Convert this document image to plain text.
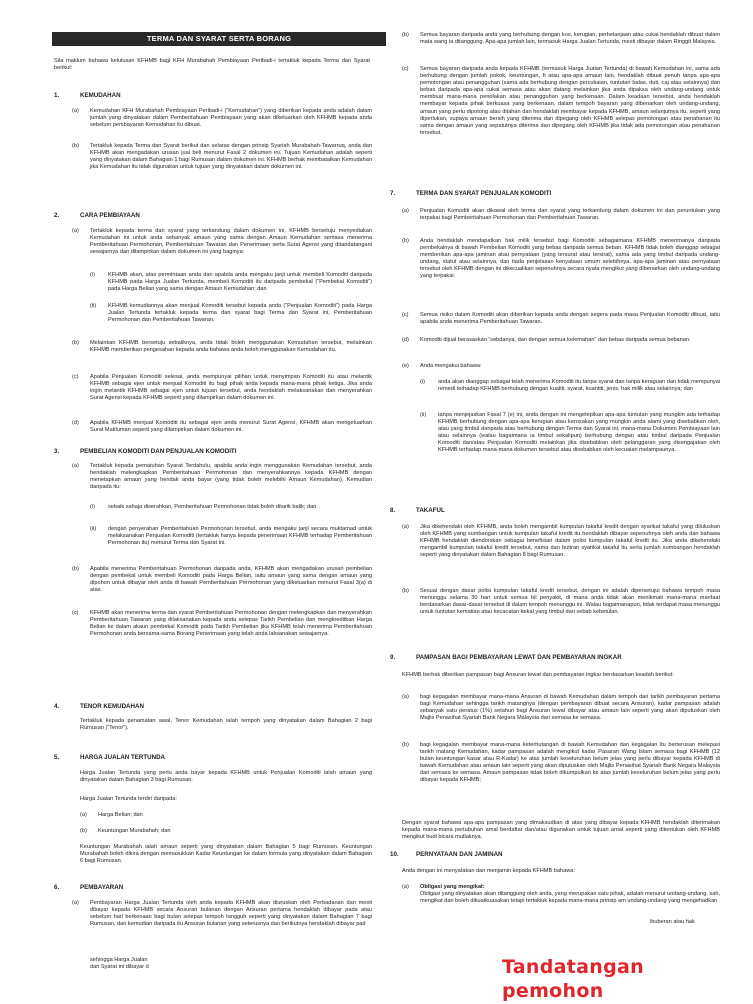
TERMA DAN SYARAT SERTA BORANG

Sila maklum bahawa kelulusan KFHMB bagi KFH Murabahah Pembiayaan Peribadi-i tertakluk kepada Terma dan Syarat berikut:

1.	KEMUDAHAN
(a) Kemudahan KFH Murabahah Pembiayaan Peribadi-i (“Kemudahan”) yang diberikan kepada anda adalah dalam jumlah yang dinyatakan dalam Pemberitahuan Pembiayaan yang akan dikeluarkan oleh KFHMB kepada anda sebelum pembayaran Kemudahan itu dibuat.
(b) Tertakluk kepada Terma dan Syarat berikut dan selaras dengan prinsip Syariah Murabahah-Tawarruq, anda dan KFHMB akan mengadakan urusan jual beli menurut Fasal 2 dokumen ini. Tujuan Kemudahan adalah seperti yang dinyatakan dalam Bahagian 1 bagi Rumusan dalam dokumen ini. KFHMB berhak membatalkan Kemudahan jika Kemudahan itu tidak digunakan untuk tujuan yang dinyatakan dalam dokumen ini.
2.	CARA PEMBIAYAAN
(a) Tertakluk kepada terma dan syarat yang terkandung dalam dokumen ini, KFHMB bersetuju menyediakan Kemudahan ini untuk anda sebanyak amaun yang sama dengan Amaun Kemudahan semasa menerima Pemberitahuan Permohonan, Pemberitahuan Tawaran dan Penerimaan serta Surat Agensi yang ditandatangani sewajarnya dan dilampirkan dalam dokumen ini yang baginya:
(i) KFHMB akan, atas permintaan anda dan apabila anda mengaku janji untuk membeli Komoditi daripada KFHMB pada Harga Jualan Tertunda, membeli Komoditi itu daripada pembekal (“Pembekal Komoditi”) pada Harga Belian yang sama dengan Amaun Kemudahan; dan
(ii) KFHMB kemudiannya akan menjual Komoditi tersebut kepada anda (“Penjualan Komoditi”) pada Harga Jualan Tertunda tertakluk kepada terma dan syarat bagi Terma dan Syarat ini, Pemberitahuan Permohonan dan Pemberitahuan Tawaran.
(b) Melainkan KFHMB bersetuju sebaliknya, anda tidak boleh menggunakan Kemudahan tersebut, melainkan KFHMB memberikan pengesahan kepada anda bahawa anda boleh menggunakan Kemudahan itu.
(c) Apabila Penjualan Komoditi selesai, anda mempunyai pilihan untuk menyimpan Komoditi itu atau melantik KFHMB sebagai ejen untuk menjual Komoditi itu bagi pihak anda kepada mana-mana pihak ketiga. Jika anda ingin melantik KFHMB sebagai ejen untuk tujuan tersebut, anda hendaklah melaksanakan dan menyerahkan Surat Agensi kepada KFHMB seperti yang dilampirkan dalam dokumen ini.
(d) Apabila KFHMB menjual Komoditi itu sebagai ejen anda menurut Surat Agensi, KFHMB akan mengeluarkan Surat Makluman seperti yang dilampirkan dalam dokumen ini.
3.	PEMBELIAN KOMODITI DAN PENJUALAN KOMODITI
(a) Tertakluk kepada pematuhan Syarat Terdahulu, apabila anda ingin menggunakan Kemudahan tersebut, anda hendaklah melengkapkan Pemberitahuan Permohonan dan menyerahkannya kepada KFHMB dengan menetapkan amaun yang hendak anda bayar (yang tidak boleh melebihi Amaun Kemudahan). Kemudian daripada itu:
(i) sebaik sahaja diserahkan, Pemberitahuan Permohonan tidak boleh ditarik balik; dan
(ii) dengan penyerahan Pemberitahuan Permohonan tersebut, anda mengaku janji secara muktamad untuk melaksanakan Penjualan Komoditi (tertakluk hanya kepada penerimaan KFHMB terhadap Pemberitahuan Permohonan itu) menurut Terma dan Syarat ini.
(b) Apabila menerima Pemberitahuan Permohonan daripada anda, KFHMB akan mengadakan urusan pembelian dengan pembekal untuk membeli Komoditi pada Harga Belian, iaitu amaun yang sama dengan amaun yang dipohon untuk dibayar oleh anda di bawah Pemberitahuan Permohonan yang dikeluarkan menurut Fasal 3(a) di atas.
(c) KFHMB akan menerima terma dan syarat Pemberitahuan Permohonan dengan melengkapkan dan menyerahkan Pemberitahuan Tawaran yang dilaksanakan kepada anda selepas Tarikh Pembelian dan mengkreditkan Harga Belian ke dalam akaun pembekal Komoditi pada Tarikh Pembelian jika KFHMB telah menerima Pemberitahuan Permohonan anda bersama-sama Borang Penerimaan yang telah anda laksanakan sewajarnya.
4.	TENOR KEMUDAHAN

Tertakluk kepada penamatan awal, Tenor Kemudahan ialah tempoh yang dinyatakan dalam Bahagian 2 bagi Rumusan (“Tenor”).

5.	HARGA JUALAN TERTUNDA

Harga Jualan Tertunda yang perlu anda bayar kepada KFHMB untuk Penjualan Komoditi ialah amaun yang dinyatakan dalam Bahagian 3 bagi Rumusan.

Harga Jualan Tertunda terdiri daripada:

(a) Harga Belian; dan
(b) Keuntungan Murabahah; dan

Keuntungan Murabahah ialah amaun seperti yang dinyatakan dalam Bahagian 5 bagi Rumusan. Keuntungan Murabahah boleh dikira dengan memasukkan Kadar Keuntungan ke dalam formula yang dinyatakan dalam Bahagian 6 bagi Rumusan.

6.	PEMBAYARAN
(a) Pembayaran Harga Jualan Tertunda oleh anda kepada KFHMB akan diuruskan oleh Perbadanan dan mesti dibayar kepada KFHMB secara Ansuran bulanan dengan Ansuran pertama hendaklah dibayar pada atau sebelum hari berkenaan bagi bulan selepas tempoh tangguh seperti yang dinyatakan dalam Bahagian 7 bagi Rumusan, dan kemudian daripada itu Ansuran bulanan yang seterusnya dan berikutnya hendaklah dibayar pad

sehingga Harga Jualan

dan Syarat ini dibayar d

(b) Semua bayaran daripada anda yang berhubung dengan kos, kerugian, perbelanjaan atau cukai hendaklah dibuat dalam mata wang ia ditanggung. Apa-apa jumlah lain, termasuk Harga Jualan Tertunda, mesti dibayar dalam Ringgit Malaysia.
(c) Semua bayaran daripada anda kepada KFHMB (termasuk Harga Jualan Tertunda) di bawah Kemudahan ini, sama ada berhubung dengan jumlah pokok, keuntungan, fi atau apa-apa amaun lain, hendaklah dibuat penuh tanpa apa-apa pemotongan atau penangguhan (sama ada berhubung dengan percukaian, tuntutan balas, duti, caj atau selainnya) dan bebas daripada apa-apa cukai semasa atau akan datang melainkan jika anda dipaksa oleh undang-undang untuk membuat mana-mana penolakan atau penangguhan yang berkenaan. Dalam keadaan tersebut, anda hendaklah membayar kepada pihak berkuasa yang berkenaan, dalam tempoh bayaran yang dibenarkan oleh undang-undang, amaun yang perlu dipotong atau ditahan dan hendaklah membayar kepada KFHMB, amaun selanjutnya itu, seperti yang diperlukan, supaya amaun bersih yang diterima dan dipegang oleh KFHMB selepas pemotongan atau penahanan itu sama dengan amaun yang sepatutnya diterima dan dipegang oleh KFHMB jika tidak ada pemotongan atau penahanan tersebut.
7.	TERMA DAN SYARAT PENJUALAN KOMODITI
(a) Penjualan Komoditi akan dikawal oleh terma dan syarat yang terkandung dalam dokumen ini dan peruntukan yang terpakai bagi Pemberitahuan Permohonan dan Pemberitahuan Tawaran.
(b) Anda hendaklah mendapatkan hak milik tersebut bagi Komoditi sebagaimana KFHMB menerimanya daripada pembekalnya di bawah Pembelian Komoditi yang bebas daripada semua beban. KFHMB tidak boleh dianggap sebagai memberikan apa-apa jaminan atau pernyataan (yang tersurat atau tersirat), sama ada yang timbul daripada undang-undang, statut atau selainnya, dan tiada penjelasan kenyataan umum selebihnya, apa-apa jaminan atau pernyataan tersebut oleh KFHMB dengan ini dikecualikan sepenuhnya secara nyata mengikut yang dibenarkan oleh undang-undang yang terpakai.
(c) Semua risiko dalam Komoditi akan diberikan kepada anda dengan segera pada masa Penjualan Komoditi dibuat, iaitu apabila anda menerima Pemberitahuan Tawaran.
(d) Komoditi dijual berasaskan “sebdanya, dan dengan semua kelemahan” dan bebas daripada semua bebanan.
(e) Anda mengakui bahawa:
(i) anda akan dianggap sebagai telah menerima Komoditi itu tanpa syarat dan tanpa keraguan dan tidak mempunyai remedi terhadap KFHMB berhubung dengan kualiti, syarat, kuantiti, jenis, hak milik atau selainnya; dan
(ii) tanpa menjejaskan Fasal 7 (e) ini, anda dengan ini mengetepikan apa-apa tuntutan yang mungkin ada terhadap KFHMB berhubung dengan apa-apa kerugian atau kerosakan yang mungkin anda alami yang disebabkan oleh, atau yang timbul daripada atau berhubung dengan Terma dan Syarat ini, mana-mana Dokumen Pembiayaan lain atau selainnya (walau bagaimana ia timbul sekalipun) berhubung dengan atau timbul daripada Penjualan Komoditi dan/atau Penjualan Komoditi melainkan jika disebabkan oleh pelanggaran yang disengajakan oleh KFHMB terhadap mana-mana dokumen tersebut atau disebabkan oleh kecuaian melampaunya.
8.	TAKAFUL
(a) Jika dikehendaki oleh KFHMB, anda boleh mengambil kumpulan takaful kredit dengan syarikat takaful yang diluluskan oleh KFHMB yang sumbangan untuk kumpulan takaful kredit itu hendaklah dibayar sepenuhnya oleh anda dan bahawa KFHMB hendaklah diendorskan sebagai benefisiari dalam polisi kumpulan takaful kredit itu. Jika anda dikehendaki mengambil kumpulan takaful kredit tersebut, nama dan butiran syarikat takaful itu serta jumlah sumbangan hendaklah seperti yang dinyatakan dalam Bahagian 8 bagi Rumusan.
(b) Sesuai dengan dasar polisi kumpulan takaful kredit tersebut, dengan ini adalah dipersetujui bahawa tempoh masa menunggu selama 30 hari untuk semua bil penyakit, di mana anda tidak akan menikmati mana-mana manfaat berdasarkan dasar-dasar tersebut di dalam tempoh menunggu ini. Walau bagaimanapun, tidak terdapat masa menunggu untuk tuntutan kematian atau kecacatan kekal yang timbul dari sebab kebetulan.
9.	PAMPASAN BAGI PEMBAYARAN LEWAT DAN PEMBAYARAN INGKAR

KFHMB berhak diberikan pampasan bagi Ansuran lewat dan pembayaran ingkar berdasarkan keadah berikut:

(a) bagi kegagalan membayar mana-mana Ansuran di bawah Kemudahan dalam tempoh dari tarikh pembayaran pertama bagi Kemudahan sehingga tarikh matangnya (dengan pembayaran dibuat secara Ansuran), kadar pampasan adalah sebanyak satu peratus (1%) setahun bagi Ansuran lewat dibayar atau amaun lain seperti yang akan diputuskan oleh Majlis Penasihat Syariah Bank Negara Malaysia dari semasa ke semasa.
(b) bagi kegagalan membayar mana-mana keterhutangan di bawah Kemudahan dan kegagalan itu berterusan melepasi tarikh matang Kemudahan, kadar pampasan adalah mengikut kadar Pasaran Wang Islam semasa bagi KFHMB (12 bulan keuntungan kasar atau R-Kadar) ke atas jumlah keseluruhan belum jelas yang perlu dibayar kepada KFHMB di bawah Kemudahan atau amaun lain seperti yang akan diputuskan oleh Majlis Penasihat Syariah Bank Negara Malaysia dari semasa ke semasa. Amaun pampasan tidak boleh dikumpulkan ke atas jumlah keseluruhan belum jelas yang perlu dibayar kepada KFHMB;

Dengan syarat bahawa apa-apa pampasan yang dimaksudkan di atas yang dibayar kepada KFHMB hendaklah diterimakan kepada mana-mana pertubuhan amal berdaftar dan/atau digunakan untuk tujuan amal seperti yang ditentukan oleh KFHMB mengikut budi bicara mutlaknya.

10.	PERNYATAAN DAN JAMINAN

Anda dengan ini menyatakan dan menjamin kepada KFHMB bahawa:

(a) Obligasi yang mengikat:
Obligasi yang dinyatakan akan ditanggung oleh anda, yang merupakan satu pihak, adalah menurut undang-undang, sah, mengikat dan boleh dikuatkuasakan tetapi tertakluk kepada mana-mana prinsip am undang-undang yang mengehadkan

ibuberan atau hak

Tandatangan pemohon
